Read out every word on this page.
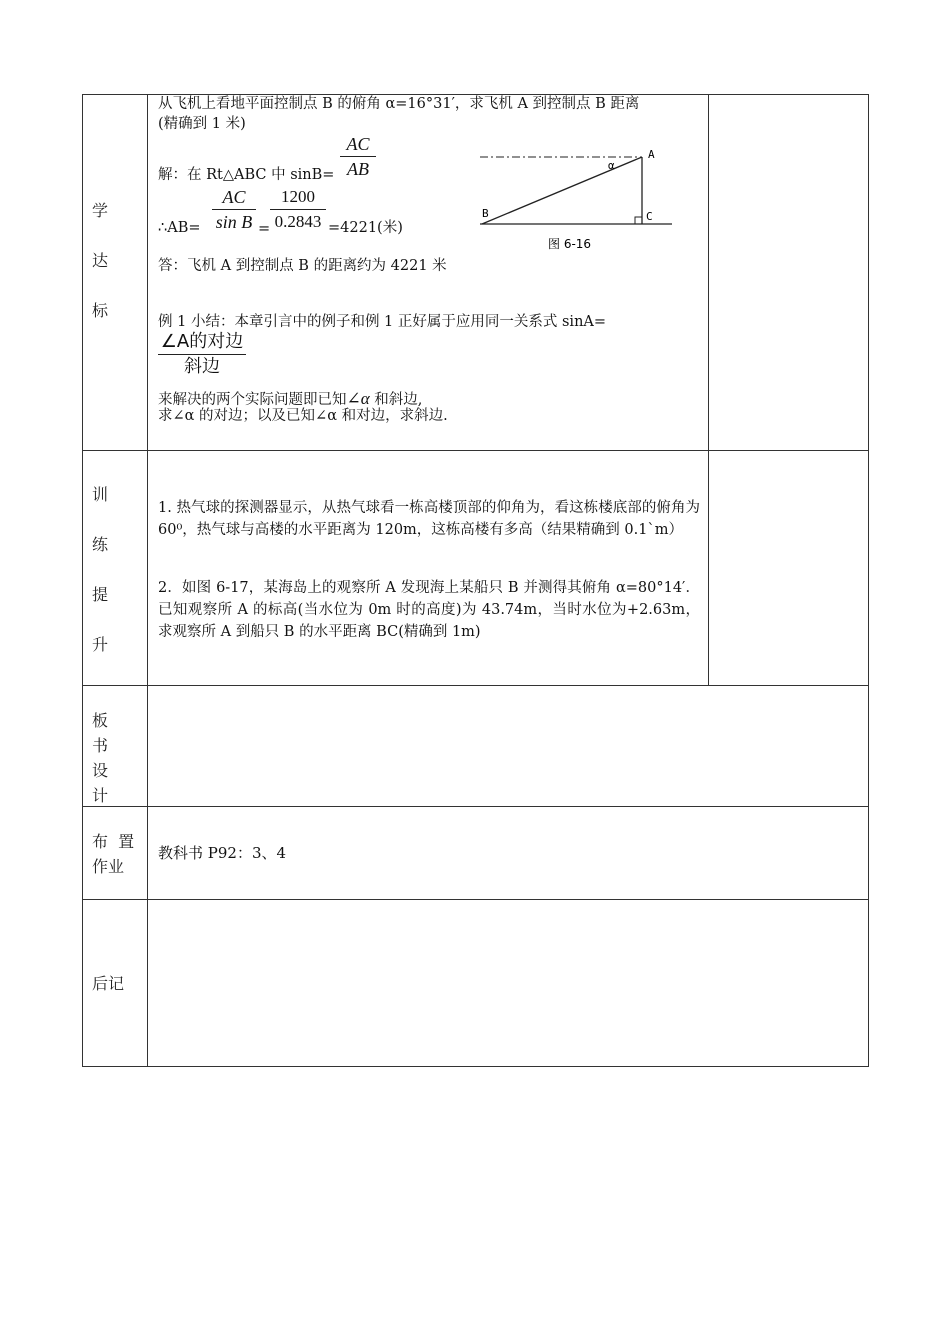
学
达
标
从飞机上看地平面控制点 B 的俯角 α=16°31′，求飞机 A 到控制点 B 距离
(精确到 1 米)
AC
AB
解：在 Rt△ABC 中 sinB=
∴AB=
AC
sin B =
1200
0.2843 =4221(米)
答：飞机 A 到控制点 B 的距离约为 4221 米
A
B	C
α
图 6-16
例 1 小结：本章引言中的例子和例 1 正好属于应用同一关系式 sinA=
∠A的对边
斜边
来解决的两个实际问题即已知∠α 和斜边,
求∠α 的对边；以及已知∠α 和对边，求斜边.
训
练
提
升
1. 热气球的探测器显示，从热气球看一栋高楼顶部的仰角为，看这栋楼底部的俯角为 60⁰，热气球与高楼的水平距离为 120m，这栋高楼有多高（结果精确到 0.1`m）
2．如图 6-17，某海岛上的观察所 A 发现海上某船只 B 并测得其俯角 α=80°14′．已知观察所 A 的标高(当水位为 0m 时的高度)为 43.74m，当时水位为+2.63m，求观察所 A 到船只 B 的水平距离 BC(精确到 1m)
板
书
设
计
布  置
作业
教科书 P92：3、4
后记
